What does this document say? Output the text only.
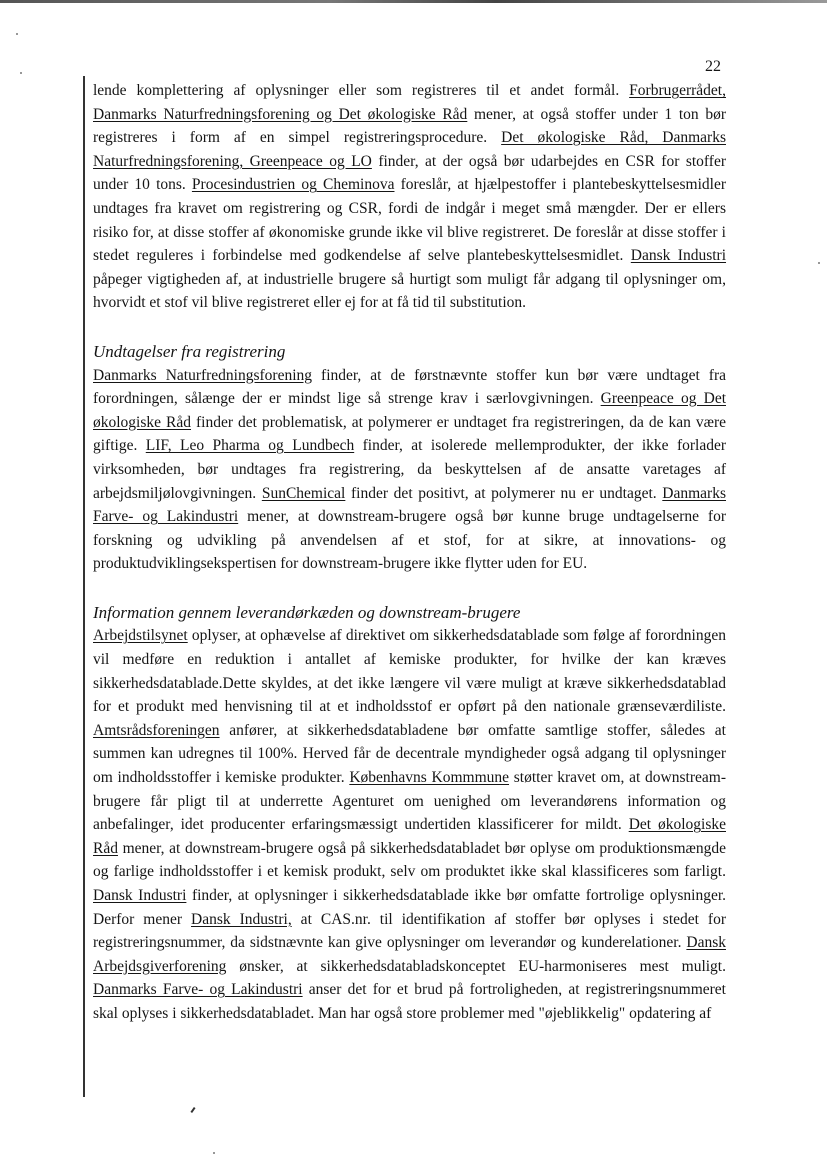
22

lende komplettering af oplysninger eller som registreres til et andet formål. Forbrugerrådet, Danmarks Naturfredningsforening og Det økologiske Råd mener, at også stoffer under 1 ton bør registreres i form af en simpel registreringsprocedure. Det økologiske Råd, Danmarks Naturfredningsforening, Greenpeace og LO finder, at der også bør udarbejdes en CSR for stoffer under 10 tons. Procesindustrien og Cheminova foreslår, at hjælpestoffer i plantebeskyttelsesmidler undtages fra kravet om registrering og CSR, fordi de indgår i meget små mængder. Der er ellers risiko for, at disse stoffer af økonomiske grunde ikke vil blive registreret. De foreslår at disse stoffer i stedet reguleres i forbindelse med godkendelse af selve plantebeskyttelsesmidlet. Dansk Industri påpeger vigtigheden af, at industrielle brugere så hurtigt som muligt får adgang til oplysninger om, hvorvidt et stof vil blive registreret eller ej for at få tid til substitution.

Undtagelser fra registrering

Danmarks Naturfredningsforening finder, at de førstnævnte stoffer kun bør være undtaget fra forordningen, sålænge der er mindst lige så strenge krav i særlovgivningen. Greenpeace og Det økologiske Råd finder det problematisk, at polymerer er undtaget fra registreringen, da de kan være giftige. LIF, Leo Pharma og Lundbech finder, at isolerede mellemprodukter, der ikke forlader virksomheden, bør undtages fra registrering, da beskyttelsen af de ansatte varetages af arbejdsmiljølovgivningen. SunChemical finder det positivt, at polymerer nu er undtaget. Danmarks Farve- og Lakindustri mener, at downstream-brugere også bør kunne bruge undtagelserne for forskning og udvikling på anvendelsen af et stof, for at sikre, at innovations- og produktudviklingsekspertisen for downstream-brugere ikke flytter uden for EU.

Information gennem leverandørkæden og downstream-brugere

Arbejdstilsynet oplyser, at ophævelse af direktivet om sikkerhedsdatablade som følge af forordningen vil medføre en reduktion i antallet af kemiske produkter, for hvilke der kan kræves sikkerhedsdatablade.Dette skyldes, at det ikke længere vil være muligt at kræve sikkerhedsdatablad for et produkt med henvisning til at et indholdsstof er opført på den nationale grænseværdiliste. Amtsrådsforeningen anfører, at sikkerhedsdatabladene bør omfatte samtlige stoffer, således at summen kan udregnes til 100%. Herved får de decentrale myndigheder også adgang til oplysninger om indholdsstoffer i kemiske produkter. Københavns Kommmune støtter kravet om, at downstream-brugere får pligt til at underrette Agenturet om uenighed om leverandørens information og anbefalinger, idet producenter erfaringsmæssigt undertiden klassificerer for mildt. Det økologiske Råd mener, at downstream-brugere også på sikkerhedsdatabladet bør oplyse om produktionsmængde og farlige indholdsstoffer i et kemisk produkt, selv om produktet ikke skal klassificeres som farligt. Dansk Industri finder, at oplysninger i sikkerhedsdatablade ikke bør omfatte fortrolige oplysninger. Derfor mener Dansk Industri, at CAS.nr. til identifikation af stoffer bør oplyses i stedet for registreringsnummer, da sidstnævnte kan give oplysninger om leverandør og kunderelationer. Dansk Arbejdsgiverforening ønsker, at sikkerhedsdatabladskonceptet EU-harmoniseres mest muligt. Danmarks Farve- og Lakindustri anser det for et brud på fortroligheden, at registreringsnummeret skal oplyses i sikkerhedsdatabladet. Man har også store problemer med "øjeblikkelig" opdatering af
